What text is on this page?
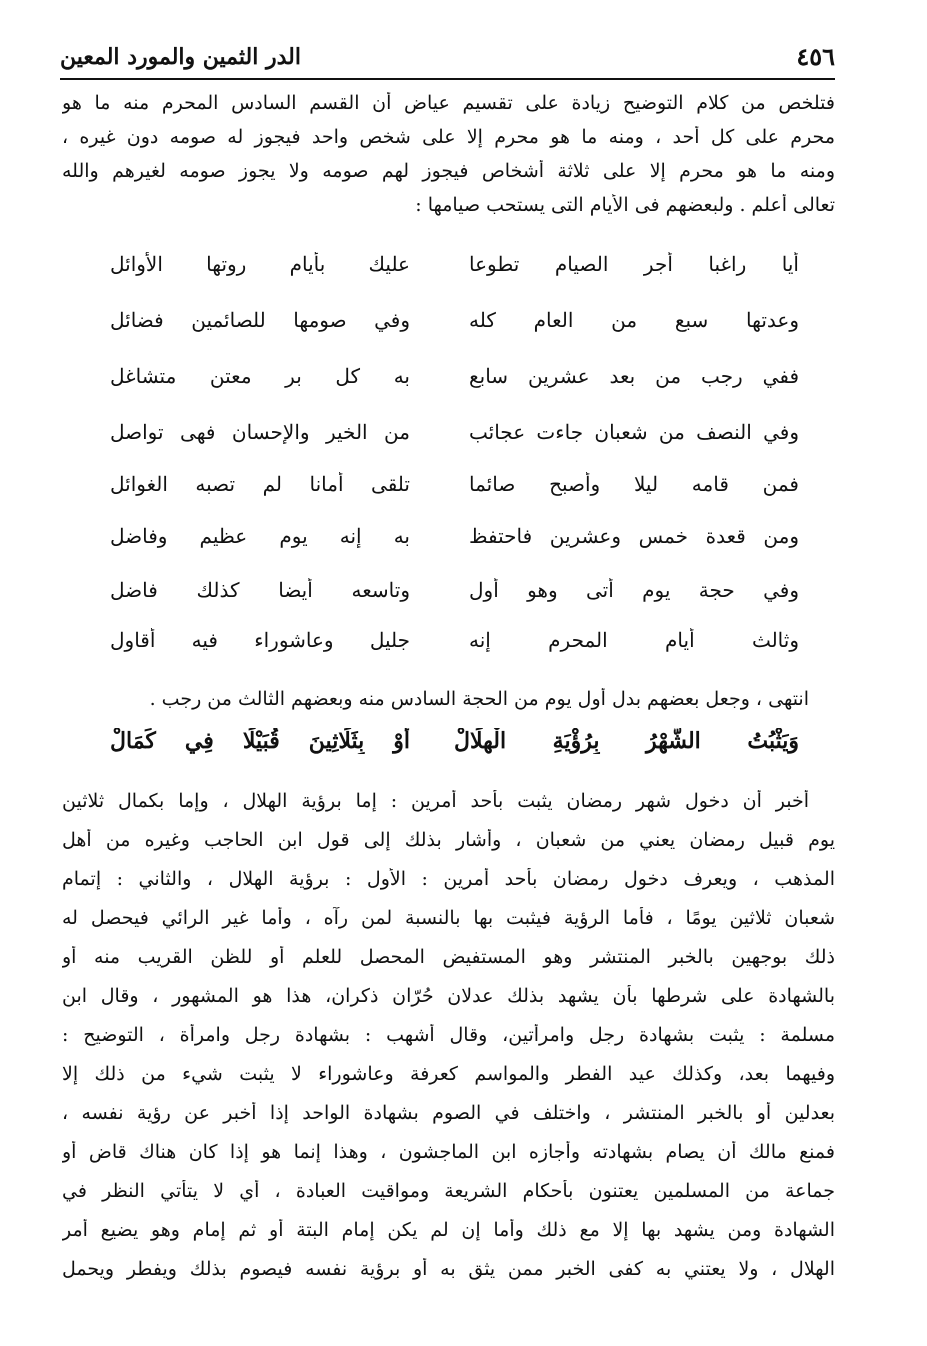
٤٥٦
الدر الثمين والمورد المعين
فتلخص من كلام التوضيح زيادة على تقسيم عياض أن القسم السادس المحرم منه ما هو
محرم على كل أحد ، ومنه ما هو محرم إلا على شخص واحد فيجوز له صومه دون غيره ،
ومنه ما هو محرم إلا على ثلاثة أشخاص فيجوز لهم صومه ولا يجوز صومه لغيرهم والله
تعالى أعلم . ولبعضهم فى الأيام التى يستحب صيامها :
أيا راغبا أجر الصيام تطوعا
عليك بأيام روتها الأوائل
وعدتها سبع من العام كله
وفي صومها للصائمين فضائل
ففي رجب من بعد عشرين سابع
به كل بر معتن متشاغل
وفي النصف من شعبان جاءت عجائب
من الخير والإحسان فهى تواصل
فمن قامه ليلا وأصبح صائما
تلقى أمانا لم تصبه الغوائل
ومن قعدة خمس وعشرين فاحتفظ
به إنه يوم عظيم وفاضل
وفي حجة يوم أتى وهو أول
وتاسعه أيضا كذلك فاضل
وثالث أيام المحرم إنه
جليل وعاشوراء فيه أقاول
انتهى ، وجعل بعضهم بدل أول يوم من الحجة السادس منه وبعضهم الثالث من رجب .
وَيَثْبُتُ الشَّهْرُ بِرُؤْيَةِ الْهِلَالْ
أَوْ بِثَلَاثِينَ قُبَيْلًا فِي كَمَالْ
أخبر أن دخول شهر رمضان يثبت بأحد أمرين : إما برؤية الهلال ، وإما بكمال ثلاثين
يوم قبيل رمضان يعني من شعبان ، وأشار بذلك إلى قول ابن الحاجب وغيره من أهل
المذهب ، ويعرف دخول رمضان بأحد أمرين : الأول : برؤية الهلال ، والثاني : إتمام
شعبان ثلاثين يومًا ، فأما الرؤية فيثبت بها بالنسبة لمن رآه ، وأما غير الرائي فيحصل له
ذلك بوجهين بالخبر المنتشر وهو المستفيض المحصل للعلم أو للظن القريب منه أو
بالشهادة على شرطها بأن يشهد بذلك عدلان حُرّان ذكران، هذا هو المشهور ، وقال ابن
مسلمة : يثبت بشهادة رجل وامرأتين، وقال أشهب : بشهادة رجل وامرأة ، التوضيح :
وفيهما بعد، وكذلك عيد الفطر والمواسم كعرفة وعاشوراء لا يثبت شيء من ذلك إلا
بعدلين أو بالخبر المنتشر ، واختلف في الصوم بشهادة الواحد إذا أخبر عن رؤية نفسه ،
فمنع مالك أن يصام بشهادته وأجازه ابن الماجشون ، وهذا إنما هو إذا كان هناك قاض أو
جماعة من المسلمين يعتنون بأحكام الشريعة ومواقيت العبادة ، أي لا يتأتي النظر في
الشهادة ومن يشهد بها إلا مع ذلك وأما إن لم يكن إمام البتة أو ثم إمام وهو يضيع أمر
الهلال ، ولا يعتني به كفى الخبر ممن يثق به أو برؤية نفسه فيصوم بذلك ويفطر ويحمل
